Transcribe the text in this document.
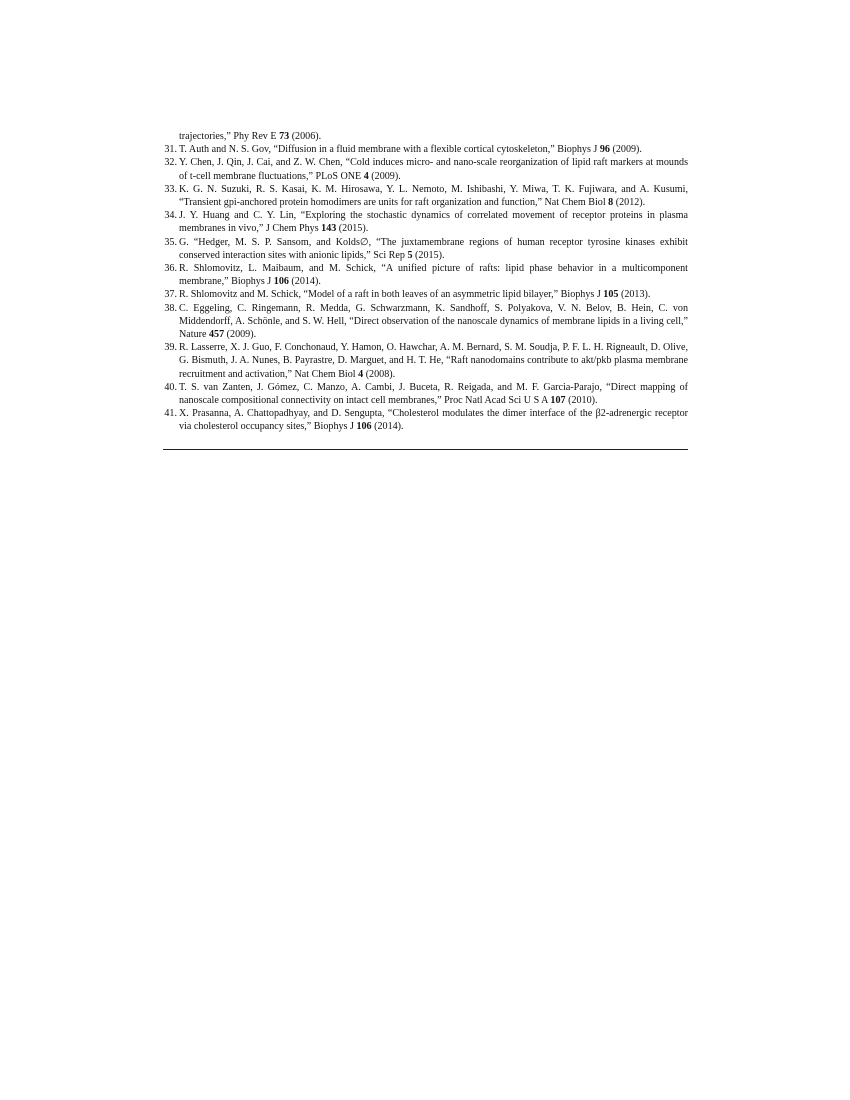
trajectories,” Phy Rev E 73 (2006).
31. T. Auth and N. S. Gov, “Diffusion in a fluid membrane with a flexible cortical cytoskeleton,” Biophys J 96 (2009).
32. Y. Chen, J. Qin, J. Cai, and Z. W. Chen, “Cold induces micro- and nano-scale reorganization of lipid raft markers at mounds of t-cell membrane fluctuations,” PLoS ONE 4 (2009).
33. K. G. N. Suzuki, R. S. Kasai, K. M. Hirosawa, Y. L. Nemoto, M. Ishibashi, Y. Miwa, T. K. Fujiwara, and A. Kusumi, “Transient gpi-anchored protein homodimers are units for raft organization and function,” Nat Chem Biol 8 (2012).
34. J. Y. Huang and C. Y. Lin, “Exploring the stochastic dynamics of correlated movement of receptor proteins in plasma membranes in vivo,” J Chem Phys 143 (2015).
35. G. “Hedger, M. S. P. Sansom, and Kolds∅, “The juxtamembrane regions of human receptor tyrosine kinases exhibit conserved interaction sites with anionic lipids,” Sci Rep 5 (2015).
36. R. Shlomovitz, L. Maibaum, and M. Schick, “A unified picture of rafts: lipid phase behavior in a multicomponent membrane,” Biophys J 106 (2014).
37. R. Shlomovitz and M. Schick, “Model of a raft in both leaves of an asymmetric lipid bilayer,” Biophys J 105 (2013).
38. C. Eggeling, C. Ringemann, R. Medda, G. Schwarzmann, K. Sandhoff, S. Polyakova, V. N. Belov, B. Hein, C. von Middendorff, A. Schönle, and S. W. Hell, “Direct observation of the nanoscale dynamics of membrane lipids in a living cell,” Nature 457 (2009).
39. R. Lasserre, X. J. Guo, F. Conchonaud, Y. Hamon, O. Hawchar, A. M. Bernard, S. M. Soudja, P. F. L. H. Rigneault, D. Olive, G. Bismuth, J. A. Nunes, B. Payrastre, D. Marguet, and H. T. He, “Raft nanodomains contribute to akt/pkb plasma membrane recruitment and activation,” Nat Chem Biol 4 (2008).
40. T. S. van Zanten, J. Gómez, C. Manzo, A. Cambi, J. Buceta, R. Reigada, and M. F. Garcia-Parajo, “Direct mapping of nanoscale compositional connectivity on intact cell membranes,” Proc Natl Acad Sci U S A 107 (2010).
41. X. Prasanna, A. Chattopadhyay, and D. Sengupta, “Cholesterol modulates the dimer interface of the β2-adrenergic receptor via cholesterol occupancy sites,” Biophys J 106 (2014).
